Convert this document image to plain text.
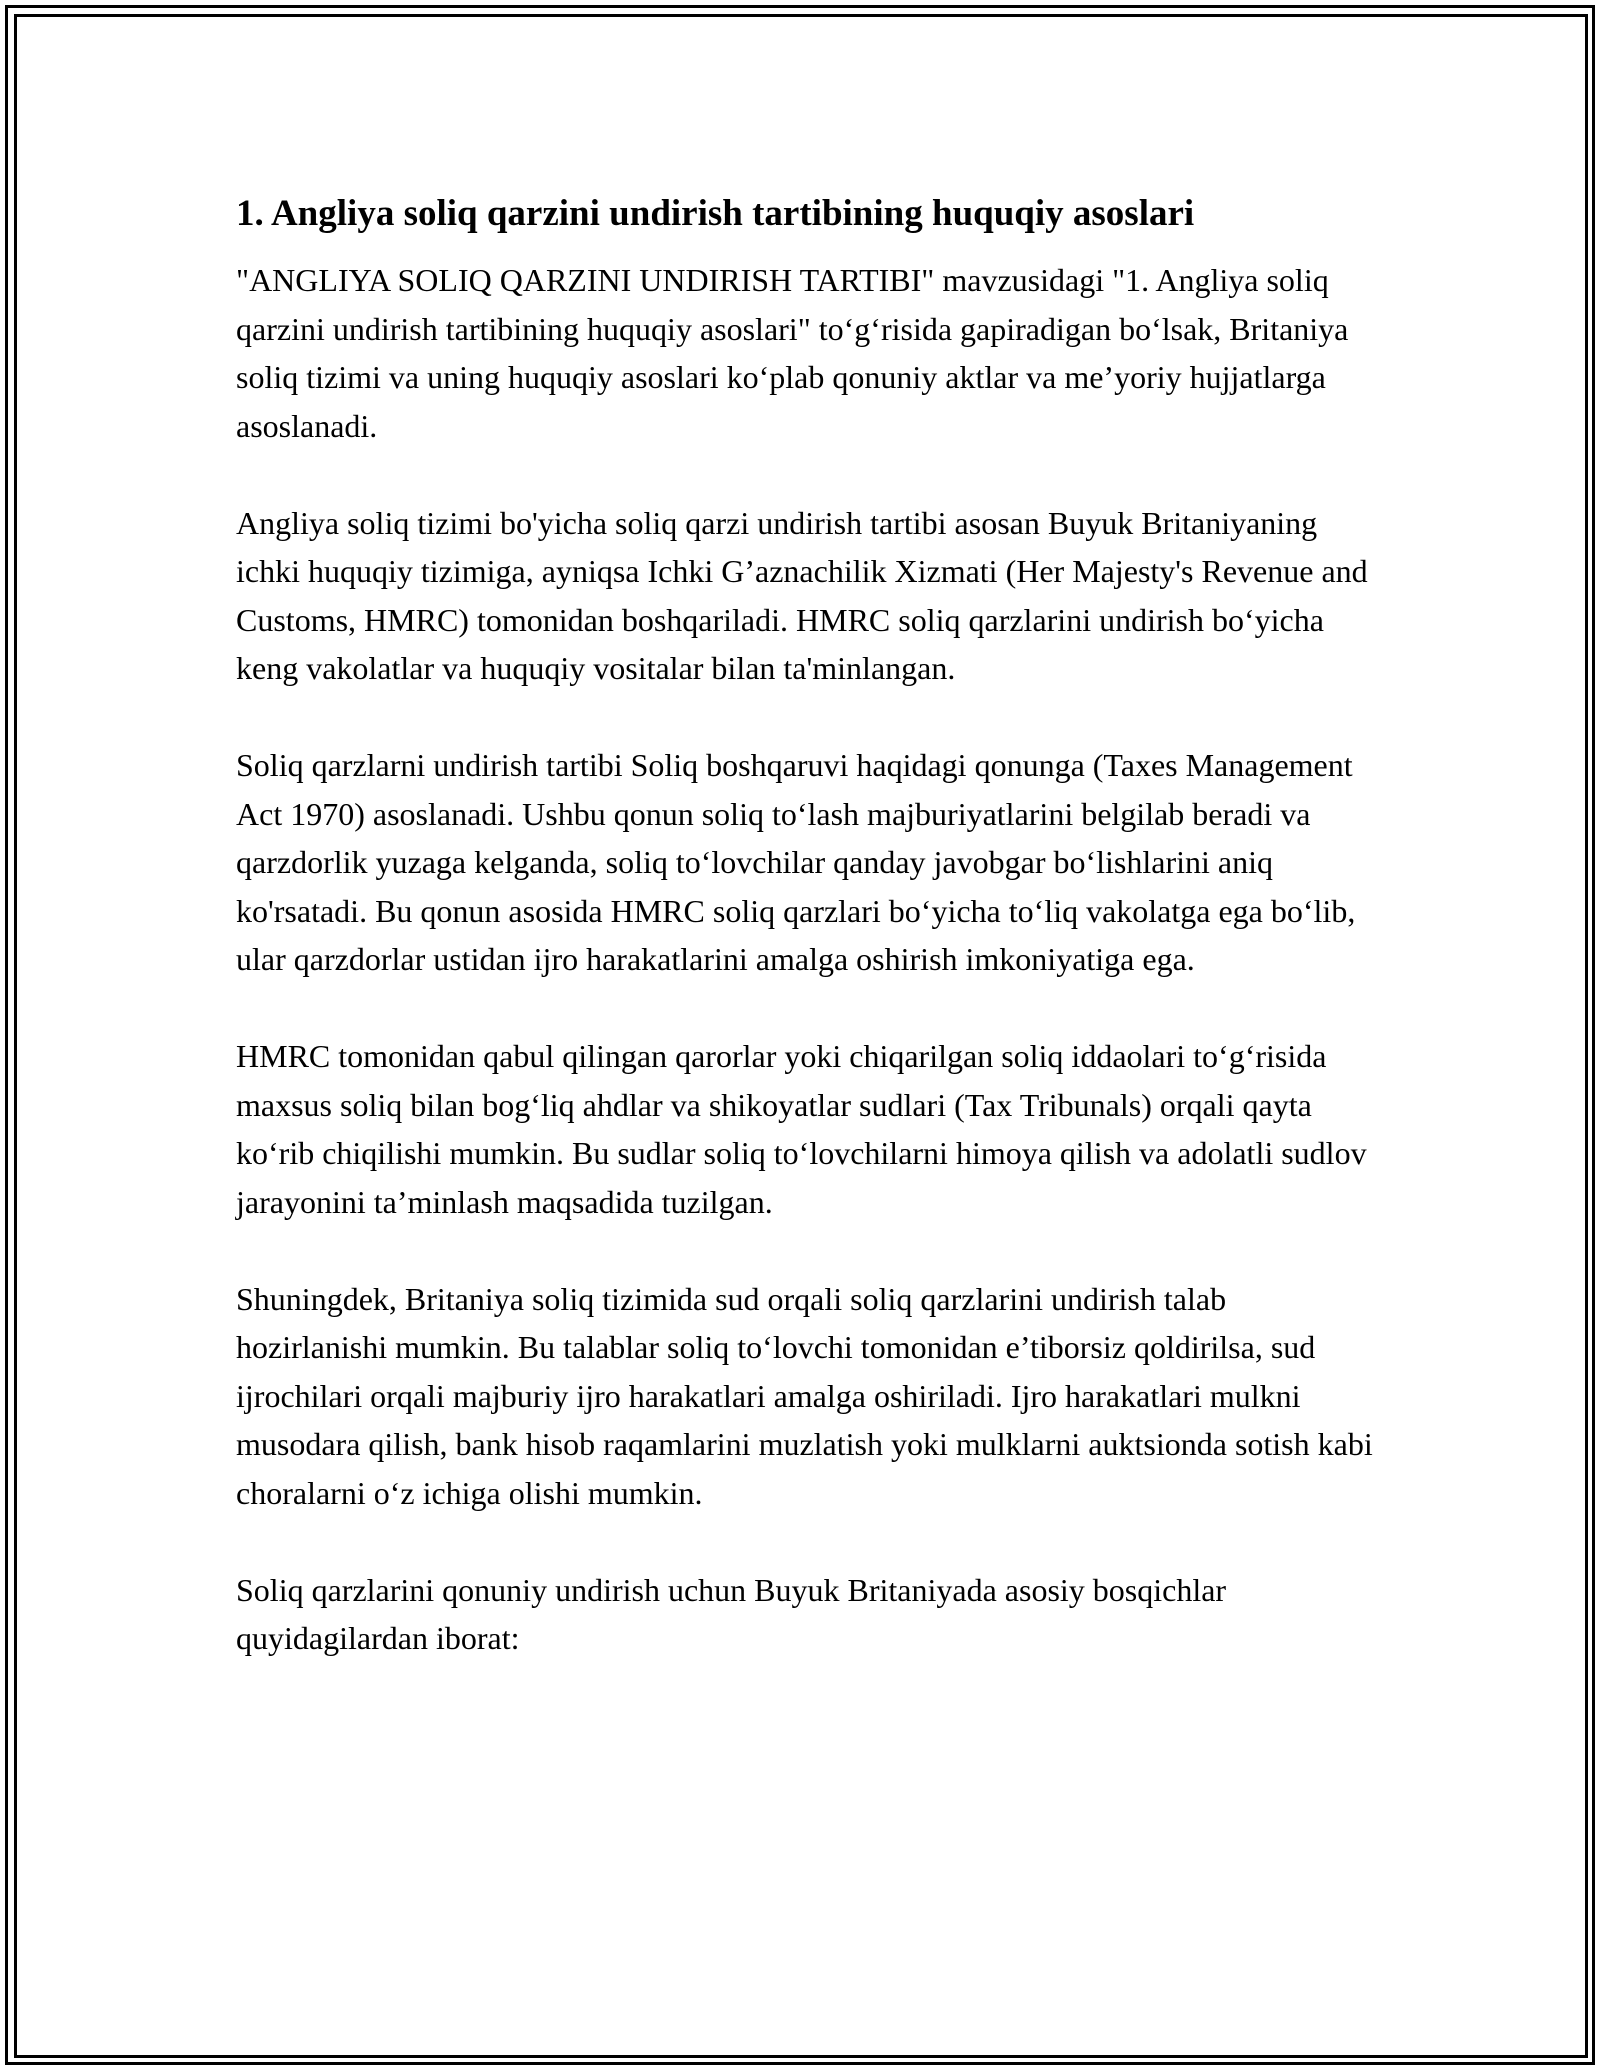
1. Angliya soliq qarzini undirish tartibining huquqiy asoslari

"ANGLIYA SOLIQ QARZINI UNDIRISH TARTIBI" mavzusidagi "1. Angliya soliq qarzini undirish tartibining huquqiy asoslari" to‘g‘risida gapiradigan bo‘lsak, Britaniya soliq tizimi va uning huquqiy asoslari ko‘plab qonuniy aktlar va me’yoriy hujjatlarga asoslanadi.

Angliya soliq tizimi bo'yicha soliq qarzi undirish tartibi asosan Buyuk Britaniyaning ichki huquqiy tizimiga, ayniqsa Ichki G’aznachilik Xizmati (Her Majesty's Revenue and Customs, HMRC) tomonidan boshqariladi. HMRC soliq qarzlarini undirish bo‘yicha keng vakolatlar va huquqiy vositalar bilan ta'minlangan.

Soliq qarzlarni undirish tartibi Soliq boshqaruvi haqidagi qonunga (Taxes Management Act 1970) asoslanadi. Ushbu qonun soliq to‘lash majburiyatlarini belgilab beradi va qarzdorlik yuzaga kelganda, soliq to‘lovchilar qanday javobgar bo‘lishlarini aniq ko'rsatadi. Bu qonun asosida HMRC soliq qarzlari bo‘yicha to‘liq vakolatga ega bo‘lib, ular qarzdorlar ustidan ijro harakatlarini amalga oshirish imkoniyatiga ega.

HMRC tomonidan qabul qilingan qarorlar yoki chiqarilgan soliq iddaolari to‘g‘risida maxsus soliq bilan bog‘liq ahdlar va shikoyatlar sudlari (Tax Tribunals) orqali qayta ko‘rib chiqilishi mumkin. Bu sudlar soliq to‘lovchilarni himoya qilish va adolatli sudlov jarayonini ta’minlash maqsadida tuzilgan.

Shuningdek, Britaniya soliq tizimida sud orqali soliq qarzlarini undirish talab hozirlanishi mumkin. Bu talablar soliq to‘lovchi tomonidan e’tiborsiz qoldirilsa, sud ijrochilari orqali majburiy ijro harakatlari amalga oshiriladi. Ijro harakatlari mulkni musodara qilish, bank hisob raqamlarini muzlatish yoki mulklarni auktsionda sotish kabi choralarni o‘z ichiga olishi mumkin.

Soliq qarzlarini qonuniy undirish uchun Buyuk Britaniyada asosiy bosqichlar quyidagilardan iborat:
